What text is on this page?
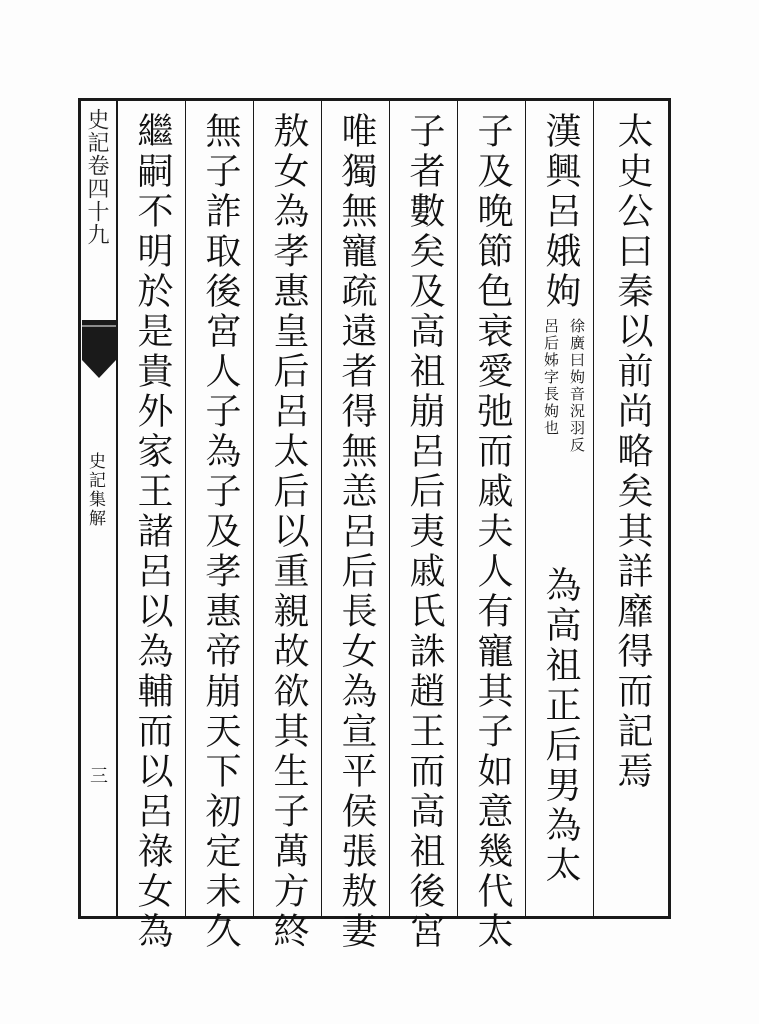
史記卷四十九
史記集解
三	太史公曰秦以前尚略矣其詳靡得而記焉
漢興呂娥姁
徐廣曰姁音況羽反
呂后姊字長姁也
為高祖正后男為太
子及晚節色衰愛弛而戚夫人有寵其子如意幾代太
子者數矣及高祖崩呂后夷戚氏誅趙王而高祖後宮
唯獨無寵疏遠者得無恙呂后長女為宣平侯張敖妻
敖女為孝惠皇后呂太后以重親故欲其生子萬方終
無子詐取後宮人子為子及孝惠帝崩天下初定未久
繼嗣不明於是貴外家王諸呂以為輔而以呂祿女為
